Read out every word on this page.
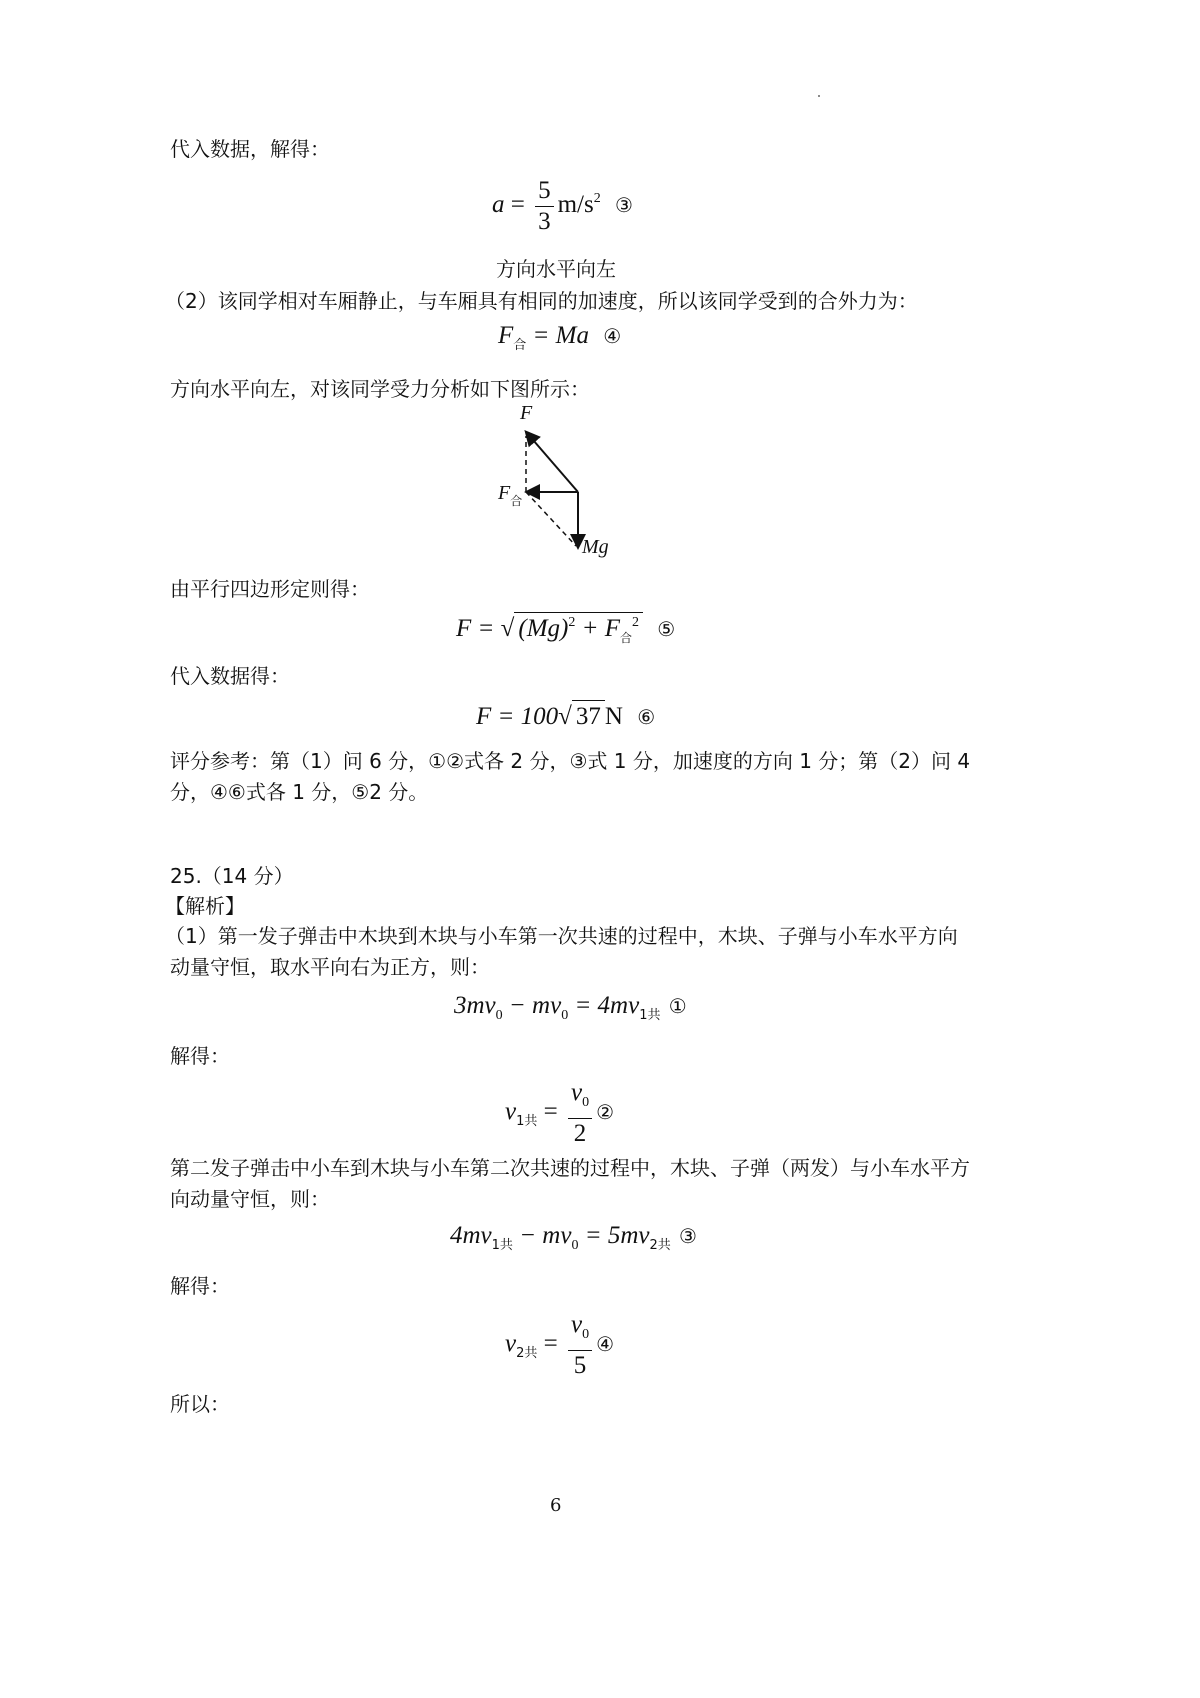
代入数据，解得：
$a = \frac{5}{3} m/s^2$ ③
方向水平向左
（2）该同学相对车厢静止，与车厢具有相同的加速度，所以该同学受到的合外力为：
$F_合 = Ma$ ④
方向水平向左，对该同学受力分析如下图所示：
F
$F_合$
Mg
由平行四边形定则得：
F = √ $(Mg)^2 + F_合^2$ ⑤
代入数据得：
F = 100√ 37 N ⑥
评分参考：第（1）问 6 分，①②式各 2 分，③式 1 分，加速度的方向 1 分；第（2）问 4
分，④⑥式各 1 分，⑤2 分。
25.（14 分）
【解析】
（1）第一发子弹击中木块到木块与小车第一次共速的过程中，木块、子弹与小车水平方向
动量守恒，取水平向右为正方，则：
$3mv_0 - mv_0 = 4mv_{1共}$ ①
解得：
$v_{1共} = \frac{v_0}{2}$ ②
第二发子弹击中小车到木块与小车第二次共速的过程中，木块、子弹（两发）与小车水平方
向动量守恒，则：
$4mv_{1共} - mv_0 = 5mv_{2共}$ ③
解得：
$v_{2共} = \frac{v_0}{5}$ ④
所以：
6
